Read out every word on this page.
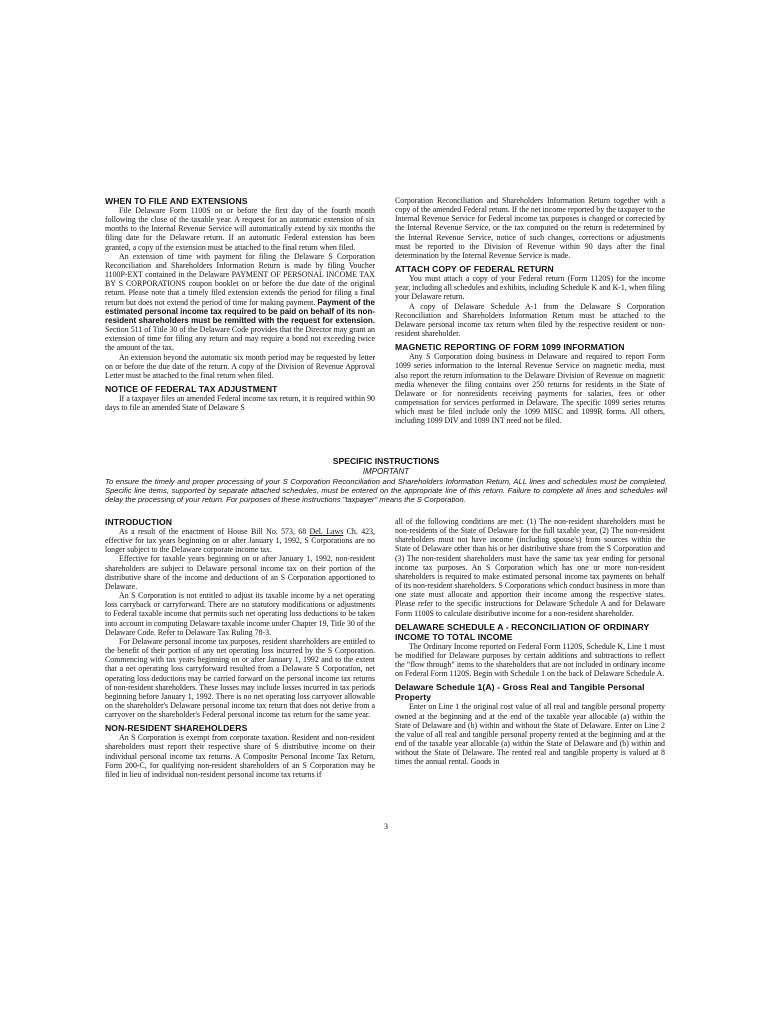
WHEN TO FILE AND EXTENSIONS

File Delaware Form 1100S on or before the first day of the fourth month following the close of the taxable year. A request for an automatic extension of six months to the Internal Revenue Service will automatically extend by six months the filing date for the Delaware return. If an automatic Federal extension has been granted, a copy of the extension must be attached to the final return when filed.

An extension of time with payment for filing the Delaware S Corporation Reconciliation and Shareholders Information Return is made by filing Voucher 1100P-EXT contained in the Delaware PAYMENT OF PERSONAL INCOME TAX BY S CORPORATIONS coupon booklet on or before the due date of the original return. Please note that a timely filed extension extends the period for filing a final return but does not extend the period of time for making payment. Payment of the estimated personal income tax required to be paid on behalf of its non-resident shareholders must be remitted with the request for extension. Section 511 of Title 30 of the Delaware Code provides that the Director may grant an extension of time for filing any return and may require a bond not exceeding twice the amount of the tax.

An extension beyond the automatic six month period may be requested by letter on or before the due date of the return. A copy of the Division of Revenue Approval Letter must be attached to the final return when filed.

NOTICE OF FEDERAL TAX ADJUSTMENT

If a taxpayer files an amended Federal income tax return, it is required within 90 days to file an amended State of Delaware S

Corporation Reconciliation and Shareholders Information Return together with a copy of the amended Federal return. If the net income reported by the taxpayer to the Internal Revenue Service for Federal income tax purposes is changed or corrected by the Internal Revenue Service, or the tax computed on the return is redetermined by the Internal Revenue Service, notice of such changes, corrections or adjustments must be reported to the Division of Revenue within 90 days after the final determination by the Internal Revenue Service is made.

ATTACH COPY OF FEDERAL RETURN

You must attach a copy of your Federal return (Form 1120S) for the income year, including all schedules and exhibits, including Schedule K and K-1, when filing your Delaware return.

A copy of Delaware Schedule A-1 from the Delaware S Corporation Reconciliation and Shareholders Information Return must be attached to the Delaware personal income tax return when filed by the respective resident or non-resident shareholder.

MAGNETIC REPORTING OF FORM 1099 INFORMATION

Any S Corporation doing business in Delaware and required to report Form 1099 series information to the Internal Revenue Service on magnetic media, must also report the return information to the Delaware Division of Revenue on magnetic media whenever the filing contains over 250 returns for residents in the State of Delaware or for nonresidents receiving payments for salaries, fees or other compensation for services performed in Delaware. The specific 1099 series returns which must be filed include only the 1099 MISC and 1099R forms. All others, including 1099 DIV and 1099 INT need not be filed.

SPECIFIC INSTRUCTIONS
IMPORTANT
To ensure the timely and proper processing of your S Corporation Reconciliation and Shareholders Information Return, ALL lines and schedules must be completed. Specific line items, supported by separate attached schedules, must be entered on the appropriate line of this return. Failure to complete all lines and schedules will delay the processing of your return. For purposes of these instructions "taxpayer" means the S Corporation.

INTRODUCTION

As a result of the enactment of House Bill No. 573, 68 Del. Laws Ch. 423, effective for tax years beginning on or after January 1, 1992, S Corporations are no longer subject to the Delaware corporate income tax.

Effective for taxable years beginning on or after January 1, 1992, non-resident shareholders are subject to Delaware personal income tax on their portion of the distributive share of the income and deductions of an S Corporation apportioned to Delaware.

An S Corporation is not entitled to adjust its taxable income by a net operating loss carryback or carryforward. There are no statutory modifications or adjustments to Federal taxable income that permits such net operating loss deductions to be taken into account in computing Delaware taxable income under Chapter 19, Title 30 of the Delaware Code. Refer to Delaware Tax Ruling 78-3.

For Delaware personal income tax purposes, resident shareholders are entitled to the benefit of their portion of any net operating loss incurred by the S Corporation. Commencing with tax years beginning on or after January 1, 1992 and to the extent that a net operating loss carryforward resulted from a Delaware S Corporation, net operating loss deductions may be carried forward on the personal income tax returns of non-resident shareholders. These losses may include losses incurred in tax periods beginning before January 1, 1992. There is no net operating loss carryover allowable on the shareholder's Delaware personal income tax return that does not derive from a carryover on the shareholder's Federal personal income tax return for the same year.

NON-RESIDENT SHAREHOLDERS

An S Corporation is exempt from corporate taxation. Resident and non-resident shareholders must report their respective share of S distributive income on their individual personal income tax returns. A Composite Personal Income Tax Return, Form 200-C, for qualifying non-resident shareholders of an S Corporation may be filed in lieu of individual non-resident personal income tax returns if

all of the following conditions are met: (1) The non-resident shareholders must be non-residents of the State of Delaware for the full taxable year, (2) The non-resident shareholders must not have income (including spouse's) from sources within the State of Delaware other than his or her distributive share from the S Corporation and (3) The non-resident shareholders must have the same tax year ending for personal income tax purposes. An S Corporation which has one or more non-resident shareholders is required to make estimated personal income tax payments on behalf of its non-resident shareholders. S Corporations which conduct business in more than one state must allocate and apportion their income among the respective states. Please refer to the specific instructions for Delaware Schedule A and for Delaware Form 1100S to calculate distributive income for a non-resident shareholder.

DELAWARE SCHEDULE A - RECONCILIATION OF ORDINARY INCOME TO TOTAL INCOME

The Ordinary Income reported on Federal Form 1120S, Schedule K, Line 1 must be modified for Delaware purposes by certain additions and subtractions to reflect the “flow through” items to the shareholders that are not included in ordinary income on Federal Form 1120S. Begin with Schedule 1 on the back of Delaware Schedule A.

Delaware Schedule 1(A) - Gross Real and Tangible Personal Property

Enter on Line 1 the original cost value of all real and tangible personal property owned at the beginning and at the end of the taxable year allocable (a) within the State of Delaware and (b) within and without the State of Delaware. Enter on Line 2 the value of all real and tangible personal property rented at the beginning and at the end of the taxable year allocable (a) within the State of Delaware and (b) within and without the State of Delaware. The rented real and tangible property is valued at 8 times the annual rental. Goods in

3
